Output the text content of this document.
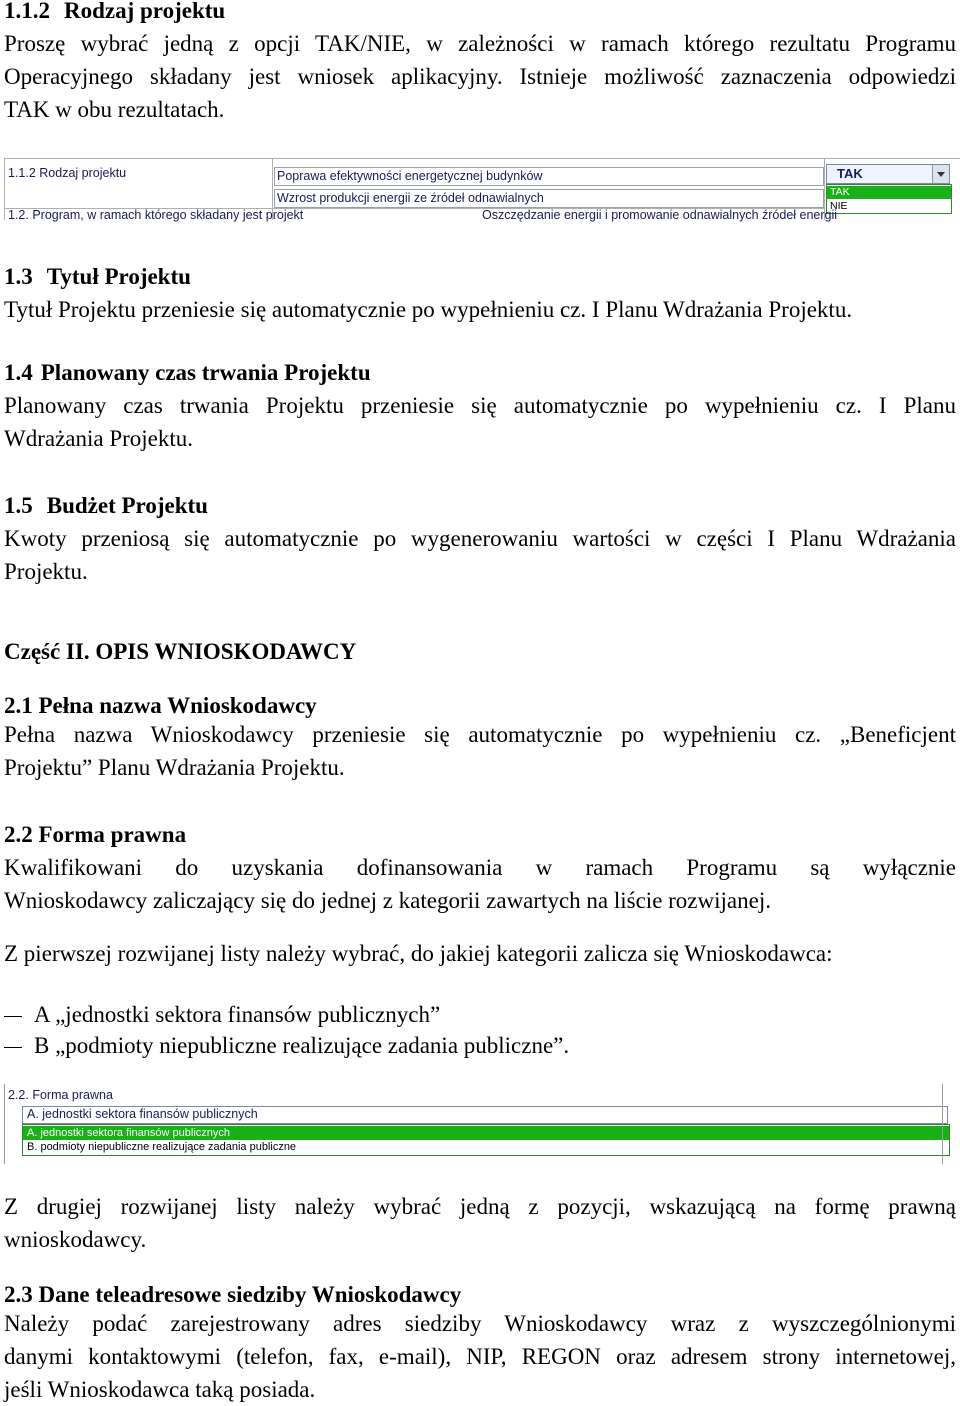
1.1.2 Rodzaj projektu
Proszę wybrać jedną z opcji TAK/NIE, w zależności w ramach którego rezultatu Programu
Operacyjnego składany jest wniosek aplikacyjny. Istnieje możliwość zaznaczenia odpowiedzi
TAK w obu rezultatach.
1.1.2 Rodzaj projektu	Poprawa efektywności energetycznej budynków
Wzrost produkcji energii ze źródeł odnawialnych
TAK
TAK
NIE
1.2. Program, w ramach którego składany jest projekt	Oszczędzanie energii i promowanie odnawialnych źródeł energii
1.3 Tytuł Projektu
Tytuł Projektu przeniesie się automatycznie po wypełnieniu cz. I Planu Wdrażania Projektu.
1.4 Planowany czas trwania Projektu
Planowany czas trwania Projektu przeniesie się automatycznie po wypełnieniu cz. I Planu
Wdrażania Projektu.
1.5 Budżet Projektu
Kwoty przeniosą się automatycznie po wygenerowaniu wartości w części I Planu Wdrażania
Projektu.
Część II. OPIS WNIOSKODAWCY
2.1 Pełna nazwa Wnioskodawcy
Pełna nazwa Wnioskodawcy przeniesie się automatycznie po wypełnieniu cz. „Beneficjent
Projektu” Planu Wdrażania Projektu.
2.2 Forma prawna
Kwalifikowani do uzyskania dofinansowania w ramach Programu są wyłącznie
Wnioskodawcy zaliczający się do jednej z kategorii zawartych na liście rozwijanej.
Z pierwszej rozwijanej listy należy wybrać, do jakiej kategorii zalicza się Wnioskodawca:
A „jednostki sektora finansów publicznych”
B „podmioty niepubliczne realizujące zadania publiczne”.
2.2. Forma prawna
A. jednostki sektora finansów publicznych
A. jednostki sektora finansów publicznych
B. podmioty niepubliczne realizujące zadania publiczne
Z drugiej rozwijanej listy należy wybrać jedną z pozycji, wskazującą na formę prawną
wnioskodawcy.
2.3 Dane teleadresowe siedziby Wnioskodawcy
Należy podać zarejestrowany adres siedziby Wnioskodawcy wraz z wyszczególnionymi
danymi kontaktowymi (telefon, fax, e-mail), NIP, REGON oraz adresem strony internetowej,
jeśli Wnioskodawca taką posiada.
